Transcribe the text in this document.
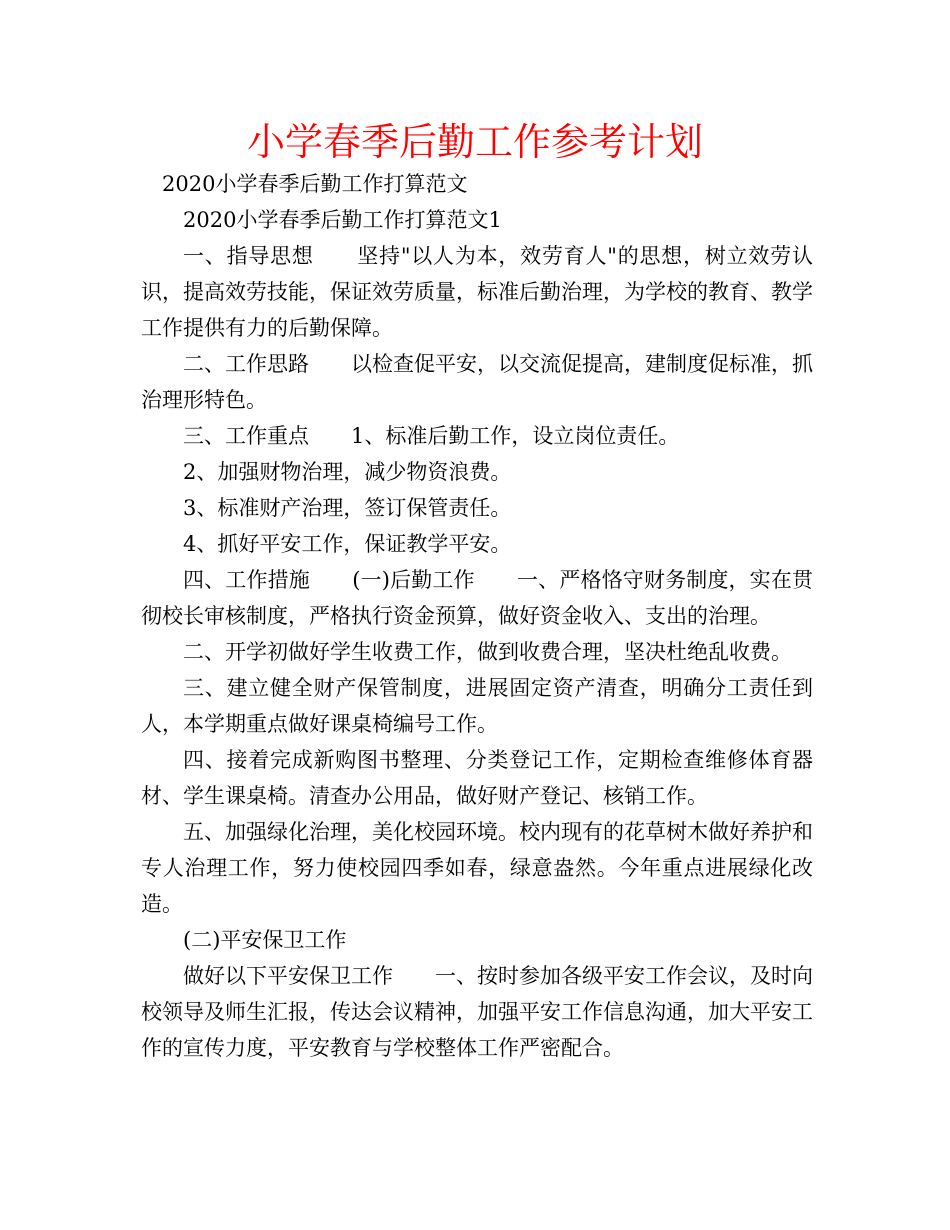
小学春季后勤工作参考计划

2020小学春季后勤工作打算范文

2020小学春季后勤工作打算范文1

一、指导思想　　坚持"以人为本，效劳育人"的思想，树立效劳认识，提高效劳技能，保证效劳质量，标准后勤治理，为学校的教育、教学工作提供有力的后勤保障。

二、工作思路　　以检查促平安，以交流促提高，建制度促标准，抓治理形特色。

三、工作重点　　1、标准后勤工作，设立岗位责任。

2、加强财物治理，减少物资浪费。

3、标准财产治理，签订保管责任。

4、抓好平安工作，保证教学平安。

四、工作措施　　(一)后勤工作　　一、严格恪守财务制度，实在贯彻校长审核制度，严格执行资金预算，做好资金收入、支出的治理。

二、开学初做好学生收费工作，做到收费合理，坚决杜绝乱收费。

三、建立健全财产保管制度，进展固定资产清查，明确分工责任到人，本学期重点做好课桌椅编号工作。

四、接着完成新购图书整理、分类登记工作，定期检查维修体育器材、学生课桌椅。清查办公用品，做好财产登记、核销工作。

五、加强绿化治理，美化校园环境。校内现有的花草树木做好养护和专人治理工作，努力使校园四季如春，绿意盎然。今年重点进展绿化改造。

(二)平安保卫工作

做好以下平安保卫工作　　一、按时参加各级平安工作会议，及时向校领导及师生汇报，传达会议精神，加强平安工作信息沟通，加大平安工作的宣传力度，平安教育与学校整体工作严密配合。
